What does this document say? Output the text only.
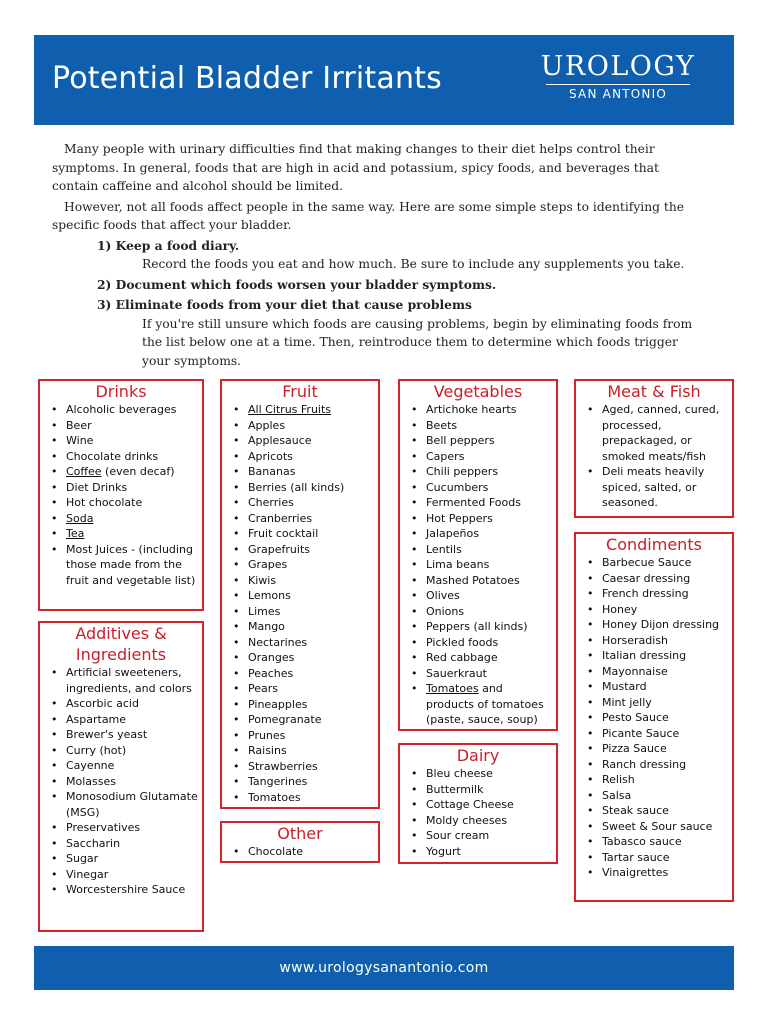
Potential Bladder Irritants	UROLOGY
SAN ANTONIO

Many people with urinary difficulties find that making changes to their diet helps control their symptoms. In general, foods that are high in acid and potassium, spicy foods, and beverages that contain caffeine and alcohol should be limited.

However, not all foods affect people in the same way. Here are some simple steps to identifying the specific foods that affect your bladder.

1) Keep a food diary.
Record the foods you eat and how much. Be sure to include any supplements you take.
2) Document which foods worsen your bladder symptoms.
3) Eliminate foods from your diet that cause problems
If you're still unsure which foods are causing problems, begin by eliminating foods from the list below one at a time. Then, reintroduce them to determine which foods trigger your symptoms.
Drinks
• Alcoholic beverages
• Beer
• Wine
• Chocolate drinks
• Coffee (even decaf)
• Diet Drinks
• Hot chocolate
• Soda
• Tea
• Most Juices - (including those made from the fruit and vegetable list)
Additives & Ingredients
• Artificial sweeteners, ingredients, and colors
• Ascorbic acid
• Aspartame
• Brewer's yeast
• Curry (hot)
• Cayenne
• Molasses
• Monosodium Glutamate (MSG)
• Preservatives
• Saccharin
• Sugar
• Vinegar
• Worcestershire Sauce
Fruit
• All Citrus Fruits
• Apples
• Applesauce
• Apricots
• Bananas
• Berries (all kinds)
• Cherries
• Cranberries
• Fruit cocktail
• Grapefruits
• Grapes
• Kiwis
• Lemons
• Limes
• Mango
• Nectarines
• Oranges
• Peaches
• Pears
• Pineapples
• Pomegranate
• Prunes
• Raisins
• Strawberries
• Tangerines
• Tomatoes
Other
• Chocolate
Vegetables
• Artichoke hearts
• Beets
• Bell peppers
• Capers
• Chili peppers
• Cucumbers
• Fermented Foods
• Hot Peppers
• Jalapeños
• Lentils
• Lima beans
• Mashed Potatoes
• Olives
• Onions
• Peppers (all kinds)
• Pickled foods
• Red cabbage
• Sauerkraut
• Tomatoes and products of tomatoes (paste, sauce, soup)
Dairy
• Bleu cheese
• Buttermilk
• Cottage Cheese
• Moldy cheeses
• Sour cream
• Yogurt
Meat & Fish
• Aged, canned, cured, processed, prepackaged, or smoked meats/fish
• Deli meats heavily spiced, salted, or seasoned.
Condiments
• Barbecue Sauce
• Caesar dressing
• French dressing
• Honey
• Honey Dijon dressing
• Horseradish
• Italian dressing
• Mayonnaise
• Mustard
• Mint jelly
• Pesto Sauce
• Picante Sauce
• Pizza Sauce
• Ranch dressing
• Relish
• Salsa
• Steak sauce
• Sweet & Sour sauce
• Tabasco sauce
• Tartar sauce
• Vinaigrettes
www.urologysanantonio.com
